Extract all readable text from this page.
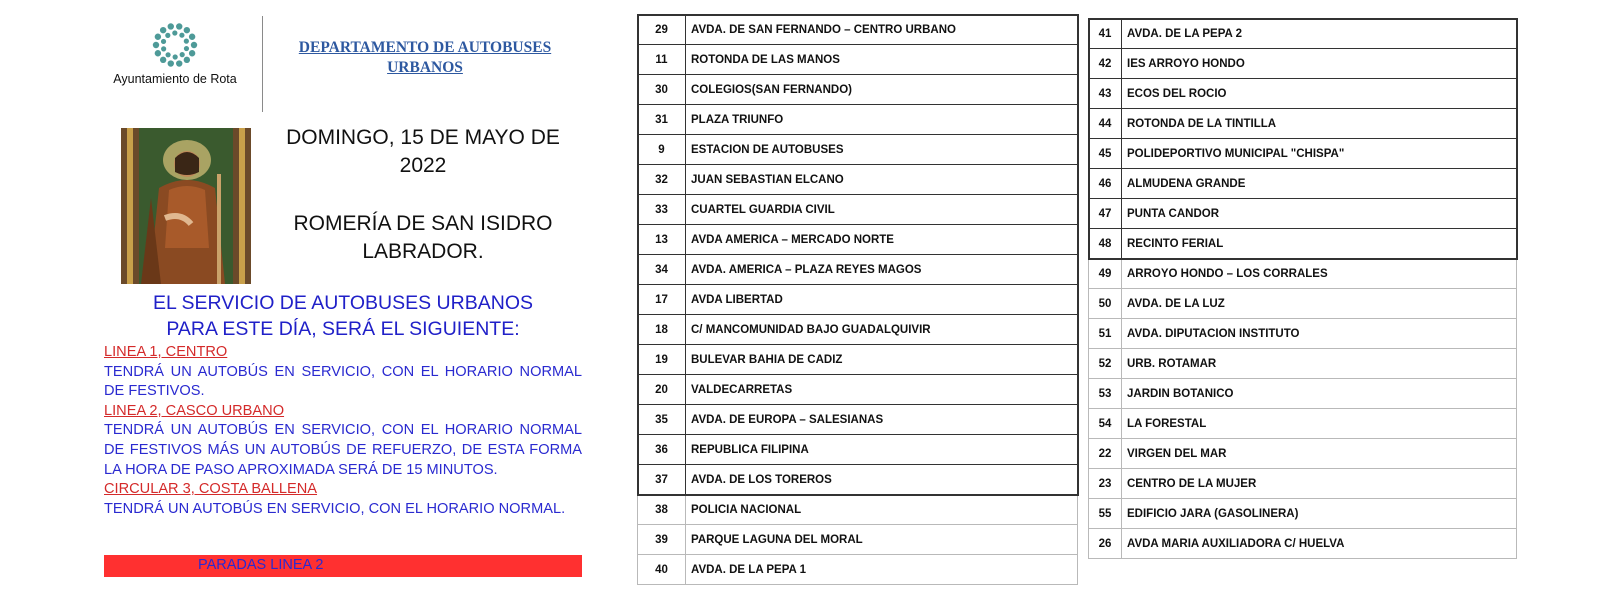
Ayuntamiento de Rota
DEPARTAMENTO DE AUTOBUSES
URBANOS
DOMINGO, 15 DE MAYO DE
2022
ROMERÍA DE SAN ISIDRO
LABRADOR.
EL SERVICIO DE AUTOBUSES URBANOS
PARA ESTE DÍA, SERÁ EL SIGUIENTE:
LINEA 1, CENTRO
TENDRÁ UN AUTOBÚS EN SERVICIO, CON EL HORARIO NORMAL DE FESTIVOS.
LINEA 2, CASCO URBANO
TENDRÁ UN AUTOBÚS EN SERVICIO, CON EL HORARIO NORMAL DE FESTIVOS MÁS UN AUTOBÚS DE REFUERZO, DE ESTA FORMA LA HORA DE PASO APROXIMADA SERÁ DE 15 MINUTOS.
CIRCULAR 3, COSTA BALLENA
TENDRÁ UN AUTOBÚS EN SERVICIO, CON EL HORARIO NORMAL.
PARADAS LINEA 2
29	AVDA. DE SAN FERNANDO – CENTRO URBANO
11	ROTONDA DE LAS MANOS
30	COLEGIOS(SAN FERNANDO)
31	PLAZA TRIUNFO
9	ESTACION DE AUTOBUSES
32	JUAN SEBASTIAN ELCANO
33	CUARTEL GUARDIA CIVIL
13	AVDA AMERICA – MERCADO NORTE
34	AVDA. AMERICA – PLAZA REYES MAGOS
17	AVDA LIBERTAD
18	C/ MANCOMUNIDAD BAJO GUADALQUIVIR
19	BULEVAR BAHIA DE CADIZ
20	VALDECARRETAS
35	AVDA. DE EUROPA – SALESIANAS
36	REPUBLICA FILIPINA
37	AVDA. DE LOS TOREROS
38	POLICIA NACIONAL
39	PARQUE LAGUNA DEL MORAL
40	AVDA. DE LA PEPA 1
41	AVDA. DE LA PEPA 2
42	IES ARROYO HONDO
43	ECOS DEL ROCIO
44	ROTONDA DE LA TINTILLA
45	POLIDEPORTIVO MUNICIPAL "CHISPA"
46	ALMUDENA GRANDE
47	PUNTA CANDOR
48	RECINTO FERIAL
49	ARROYO HONDO – LOS CORRALES
50	AVDA. DE LA LUZ
51	AVDA. DIPUTACION INSTITUTO
52	URB. ROTAMAR
53	JARDIN BOTANICO
54	LA FORESTAL
22	VIRGEN DEL MAR
23	CENTRO DE LA MUJER
55	EDIFICIO JARA (GASOLINERA)
26	AVDA MARIA AUXILIADORA C/ HUELVA
